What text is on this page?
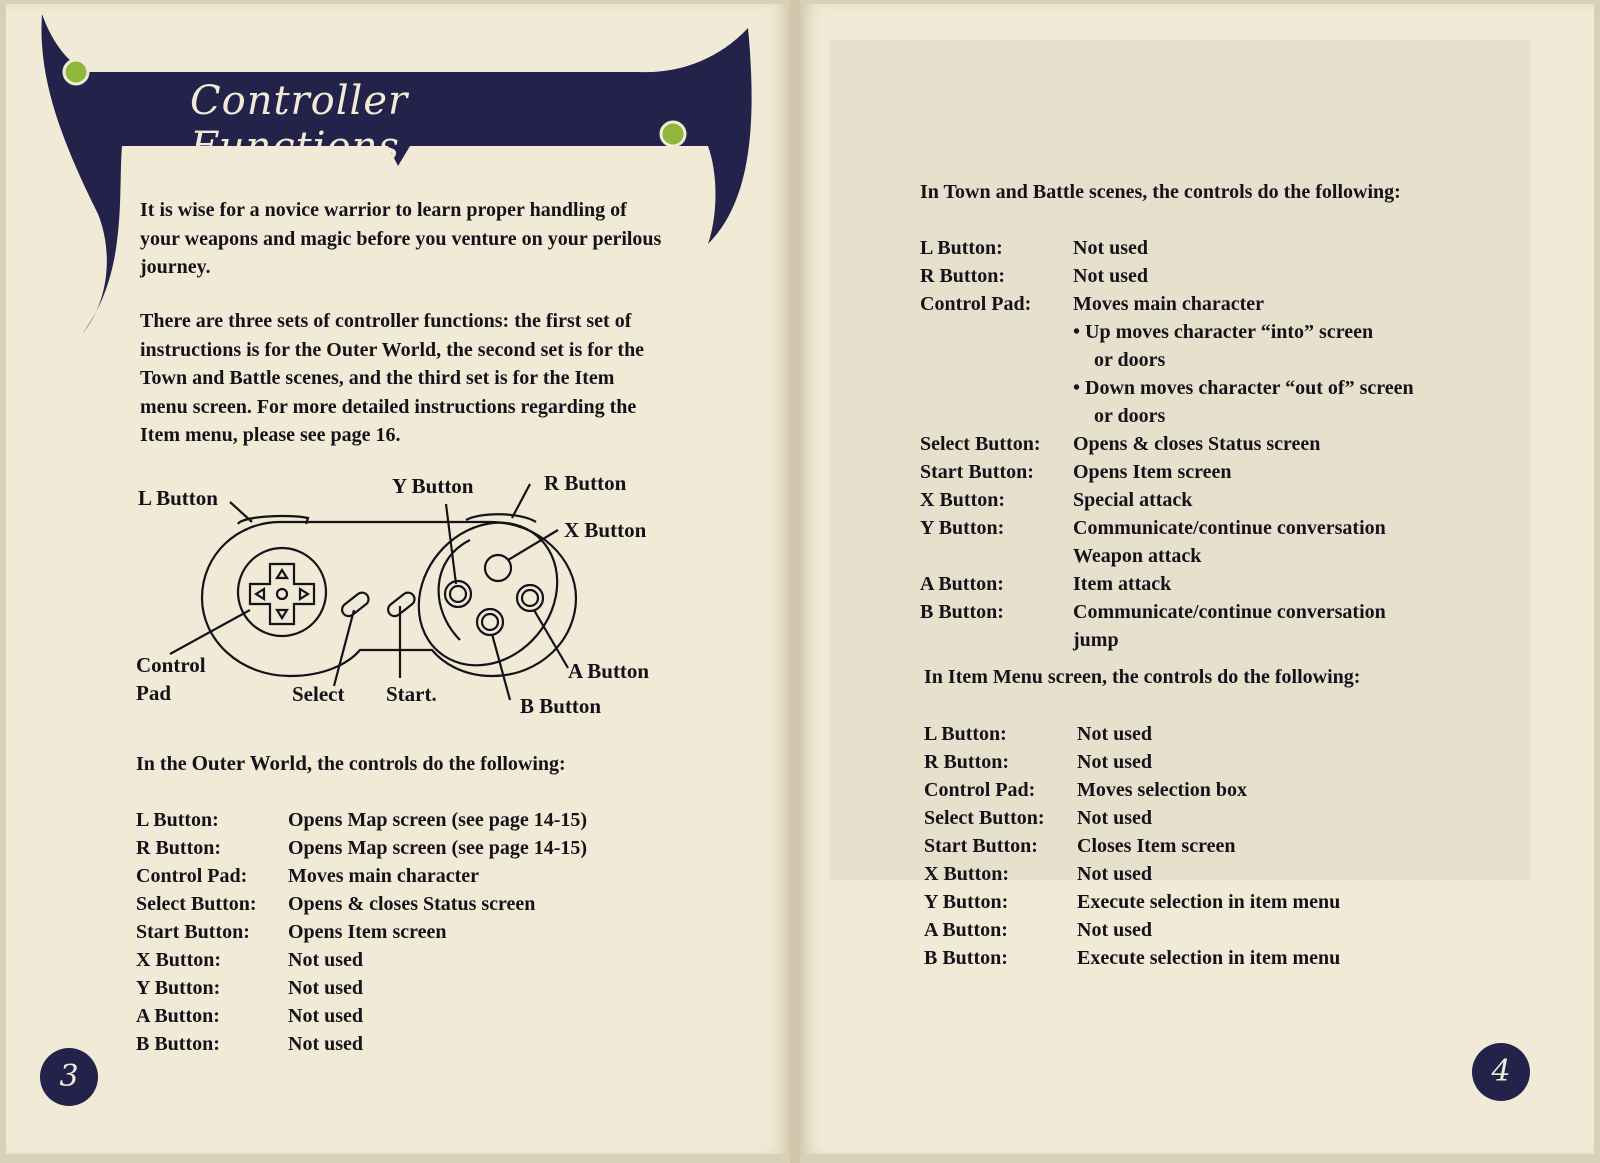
Controller Functions
It is wise for a novice warrior to learn proper handling of your weapons and magic before you venture on your perilous journey.
There are three sets of controller functions: the first set of instructions is for the Outer World, the second set is for the Town and Battle scenes, and the third set is for the Item menu screen. For more detailed instructions regarding the Item menu, please see page 16.
L Button	Y Button	R Button
X Button
Control
Pad	Select Start.
A Button
B Button
In the Outer World, the controls do the following:
L Button:	Opens Map screen (see page 14-15)
R Button:	Opens Map screen (see page 14-15)
Control Pad: Moves main character
Select Button: Opens & closes Status screen
Start Button: Opens Item screen
X Button:	Not used
Y Button:	Not used
A Button:	Not used
B Button:	Not used
3
In Town and Battle scenes, the controls do the following:
L Button:	Not used
R Button:	Not used
Control Pad: Moves main character
• Up moves character “into” screen
or doors
• Down moves character “out of” screen
or doors
Select Button: Opens & closes Status screen
Start Button: Opens Item screen
X Button:	Special attack
Y Button:	Communicate/continue conversation
Weapon attack
A Button:	Item attack
B Button:	Communicate/continue conversation
jump
In Item Menu screen, the controls do the following:
L Button:	Not used
R Button:	Not used
Control Pad: Moves selection box
Select Button: Not used
Start Button: Closes Item screen
X Button:	Not used
Y Button:	Execute selection in item menu
A Button:	Not used
B Button:	Execute selection in item menu
4
